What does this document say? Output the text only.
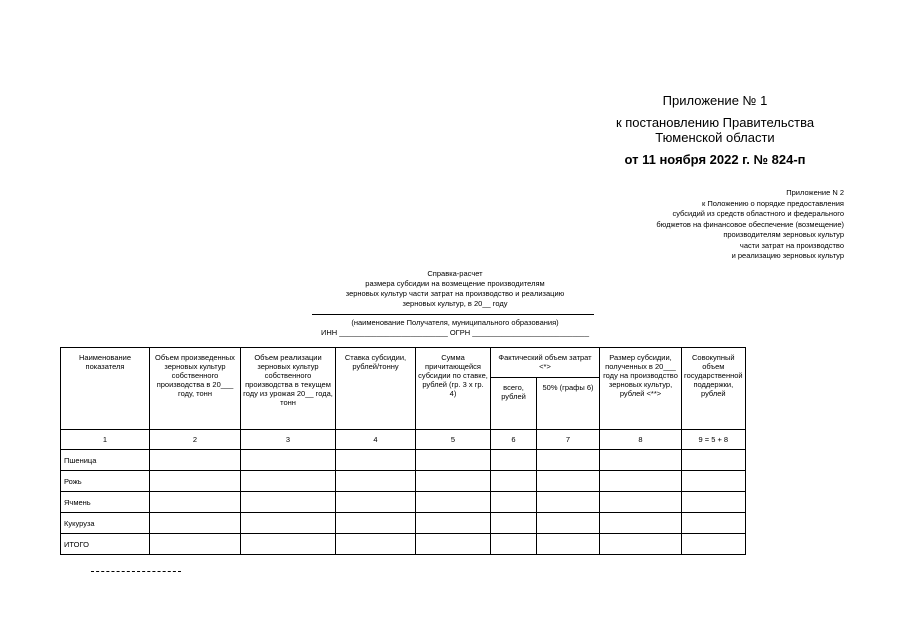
Приложение № 1
к постановлению Правительства
Тюменской области
от 11 ноября 2022 г. № 824-п
Приложение N 2
к Положению о порядке предоставления
субсидий из средств областного и федерального
бюджетов на финансовое обеспечение (возмещение)
производителям зерновых культур
части затрат на производство
и реализацию зерновых культур
Справка-расчет
размера субсидии на возмещение производителям
зерновых культур части затрат на производство и реализацию
зерновых культур, в 20__ году
(наименование Получателя, муниципального образования)
ИНН __________________________ ОГРН ____________________________
Наименование показателя	Объем произведенных зерновых культур собственного производства в 20___ году, тонн	Объем реализации зерновых культур собственного производства в текущем году из урожая 20__ года, тонн	Ставка субсидии, рублей/тонну	Сумма причитающейся субсидии по ставке, рублей (гр. 3 x гр. 4)	Фактический объем затрат <*>		Размер субсидии, полученных в 20___ году на производство зерновых культур, рублей <**>	Совокупный объем государственной поддержки, рублей
					всего, рублей	50% (графы 6)		
1	2	3	4	5	6	7	8	9 = 5 + 8
Пшеница								
Рожь								
Ячмень								
Кукуруза								
ИТОГО								
